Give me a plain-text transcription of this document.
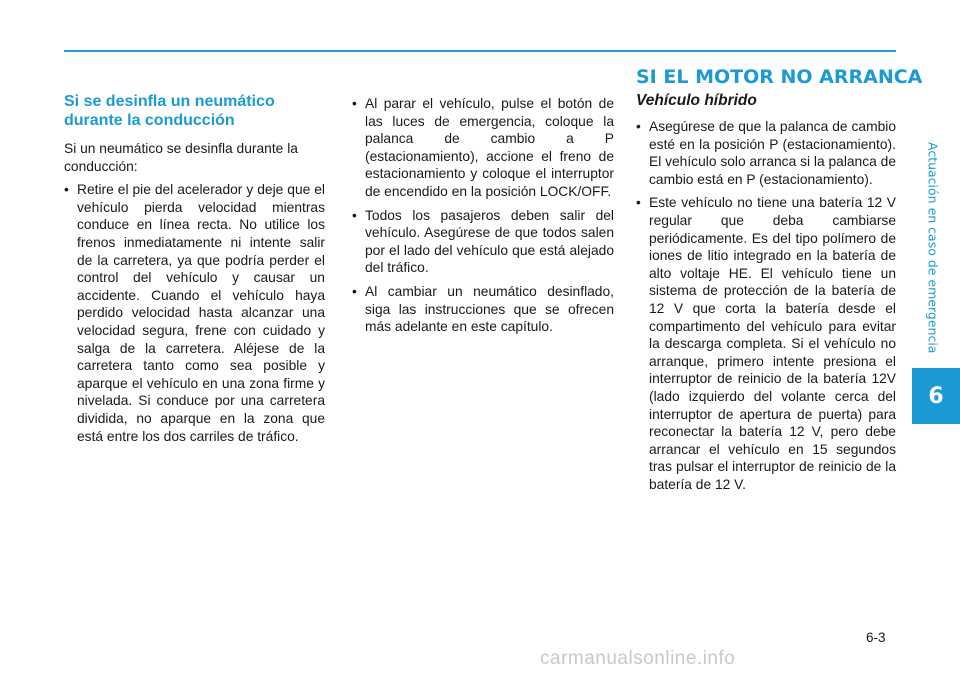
SI EL MOTOR NO ARRANCA
Actuación en caso de emergencia
6
Si se desinfla un neumático durante la conducción

Si un neumático se desinfla durante la conducción:

• Retire el pie del acelerador y deje que el vehículo pierda velocidad mientras conduce en línea recta. No utilice los frenos inmediatamente ni intente salir de la carretera, ya que podría perder el control del vehículo y causar un accidente. Cuando el vehículo haya perdido velocidad hasta alcanzar una velocidad segura, frene con cuidado y salga de la carretera. Aléjese de la carretera tanto como sea posible y aparque el vehículo en una zona firme y nivelada. Si conduce por una carretera dividida, no aparque en la zona que está entre los dos carriles de tráfico.
• Al parar el vehículo, pulse el botón de las luces de emergencia, coloque la palanca de cambio a P (estacionamiento), accione el freno de estacionamiento y coloque el interruptor de encendido en la posición LOCK/OFF.
• Todos los pasajeros deben salir del vehículo. Asegúrese de que todos salen por el lado del vehículo que está alejado del tráfico.
• Al cambiar un neumático desinflado, siga las instrucciones que se ofrecen más adelante en este capítulo.
Vehículo híbrido
• Asegúrese de que la palanca de cambio esté en la posición P (estacionamiento). El vehículo solo arranca si la palanca de cambio está en P (estacionamiento).
• Este vehículo no tiene una batería 12 V regular que deba cambiarse periódicamente. Es del tipo polímero de iones de litio integrado en la batería de alto voltaje HE. El vehículo tiene un sistema de protección de la batería de 12 V que corta la batería desde el compartimento del vehículo para evitar la descarga completa. Si el vehículo no arranque, primero intente presiona el interruptor de reinicio de la batería 12V (lado izquierdo del volante cerca del interruptor de apertura de puerta) para reconectar la batería 12 V, pero debe arrancar el vehículo en 15 segundos tras pulsar el interruptor de reinicio de la batería de 12 V.
6-3
carmanualsonline.info
